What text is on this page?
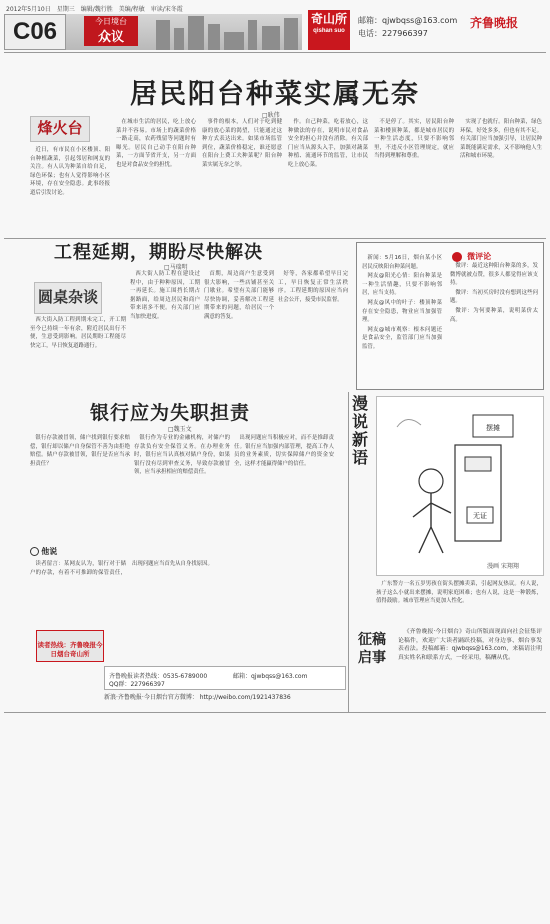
2012年5月10日　星期三　编辑/魏行胜　美编/程敏　审读/宋冬霞
C06	今日境台
众议
奇山所
qishan suo
邮箱：qjwbqss@163.com
电话：227966397
齐鲁晚报
居民阳台种菜实属无奈
□耿伟
烽火台

近日，有市民在小区楼顶、阳台种植蔬菜，引起邻居和网友的关注。有人认为种菜自给自足，绿色环保；也有人觉得影响小区环境，存在安全隐患。此事经报道后引发讨论。

在城市生活的居民，吃上放心菜并不容易。市场上的蔬菜价格一路走高，农药残留等问题时有曝光。居民自己动手在阳台种菜，一方面节省开支，另一方面也是对食品安全的担忧。

事件的根本，人们对于吃到健康的放心菜的渴望，只能通过这种方式表达出来。如果市场监管到位，蔬菜价格稳定，谁还愿意在阳台上费工夫种菜呢？阳台种菜实属无奈之举。

作。自己种菜，吃着放心，这种做法的存在，说明市民对食品安全的担心并没有消除。有关部门应当从源头入手，加强对蔬菜种植、流通环节的监管，让市民吃上放心菜。

不是停了。其实，居民阳台种菜和楼顶种菜，都是城市居民的一种生活态度，只要不影响邻里，不违反小区管理规定，就应当得到理解和尊重。

实现了也就行。阳台种菜，绿色环保，好处多多，但也有其不足。有关部门应当加强引导，让居民种菜既能满足需求，又不影响他人生活和城市环境。

工程延期，期盼尽快解决
□马瑞明
圆桌杂谈

西大街入防工程到期未完工，开工期至今已持续一年有余，附近居民出行不便，生意受到影响。居民期盼工程能尽快完工，早日恢复道路通行。

西大街人防工程在建设过程中，由于种种原因，工期一再延长。施工围挡长期占据路面，给周边居民和商户带来诸多不便。有关部门应当加快进度。

首期，周边商户生意受到很大影响，一些店铺甚至关门歇业。希望有关部门能够尽快协调，妥善解决工程延期带来的问题，给居民一个满意的答复。

好等，各家都希望早日完工，早日恢复正常生活秩序。工程延期的原因应当向社会公开，接受市民监督。

新闻：5月16日，烟台某小区居民反映阳台种菜问题。

网友@阳光心情：阳台种菜是一种生活情趣，只要不影响邻居，应当支持。

网友@风中的叶子：楼顶种菜存在安全隐患，物业应当加强管理。

网友@城市观察：根本问题还是食品安全，监管部门应当加强监管。

微评论

微评：最近这种阳台种菜的多，发微博就被点赞，很多人都觉得应该支持。

微评：当初买房时没有想到这些问题。

微评：为何要种菜，说明菜价太高。

银行应为失职担责
□魏玉文

银行存款被冒领，储户找到银行要求赔偿，银行却以储户自身保管不善为由拒绝赔偿。储户存款被冒领，银行是否应当承担责任？

银行作为专业的金融机构，对储户的存款负有安全保管义务。在办理业务时，银行应当认真核对储户身份，如果银行没有尽到审查义务，导致存款被冒领，应当承担相应的赔偿责任。

出现问题应当积极应对，而不是推卸责任。银行应当加强内部管理，提高工作人员的业务素质，切实保障储户的资金安全，这样才能赢得储户的信任。

他说

读者留言：某网友认为，银行对于储户的存款，有着不可推卸的保管责任，出现问题应当首先从自身找原因。

读者热线：齐鲁晚报今日烟台奇山所
齐鲁晚报读者热线：0535-6789000	邮箱：qjwbqss@163.com
QQ群：227966397
新浪·齐鲁晚报·今日烟台官方微博： http://weibo.com/1921437836
漫说新语
摆摊
无证
漫画 宋翔翔

广东警方一名五岁男孩在街头摆摊卖菜，引起网友热议。有人说，孩子这么小就出来摆摊，说明家庭困难；也有人说，这是一种锻炼，值得鼓励。城市管理应当更加人性化。

征稿启事

《齐鲁晚报·今日烟台》奇山所版面现面向社会征集评论稿件，欢迎广大读者踊跃投稿，对身边事、烟台事发表看法。投稿邮箱：qjwbqss@163.com，来稿请注明真实姓名和联系方式，一经采用，稿酬从优。
